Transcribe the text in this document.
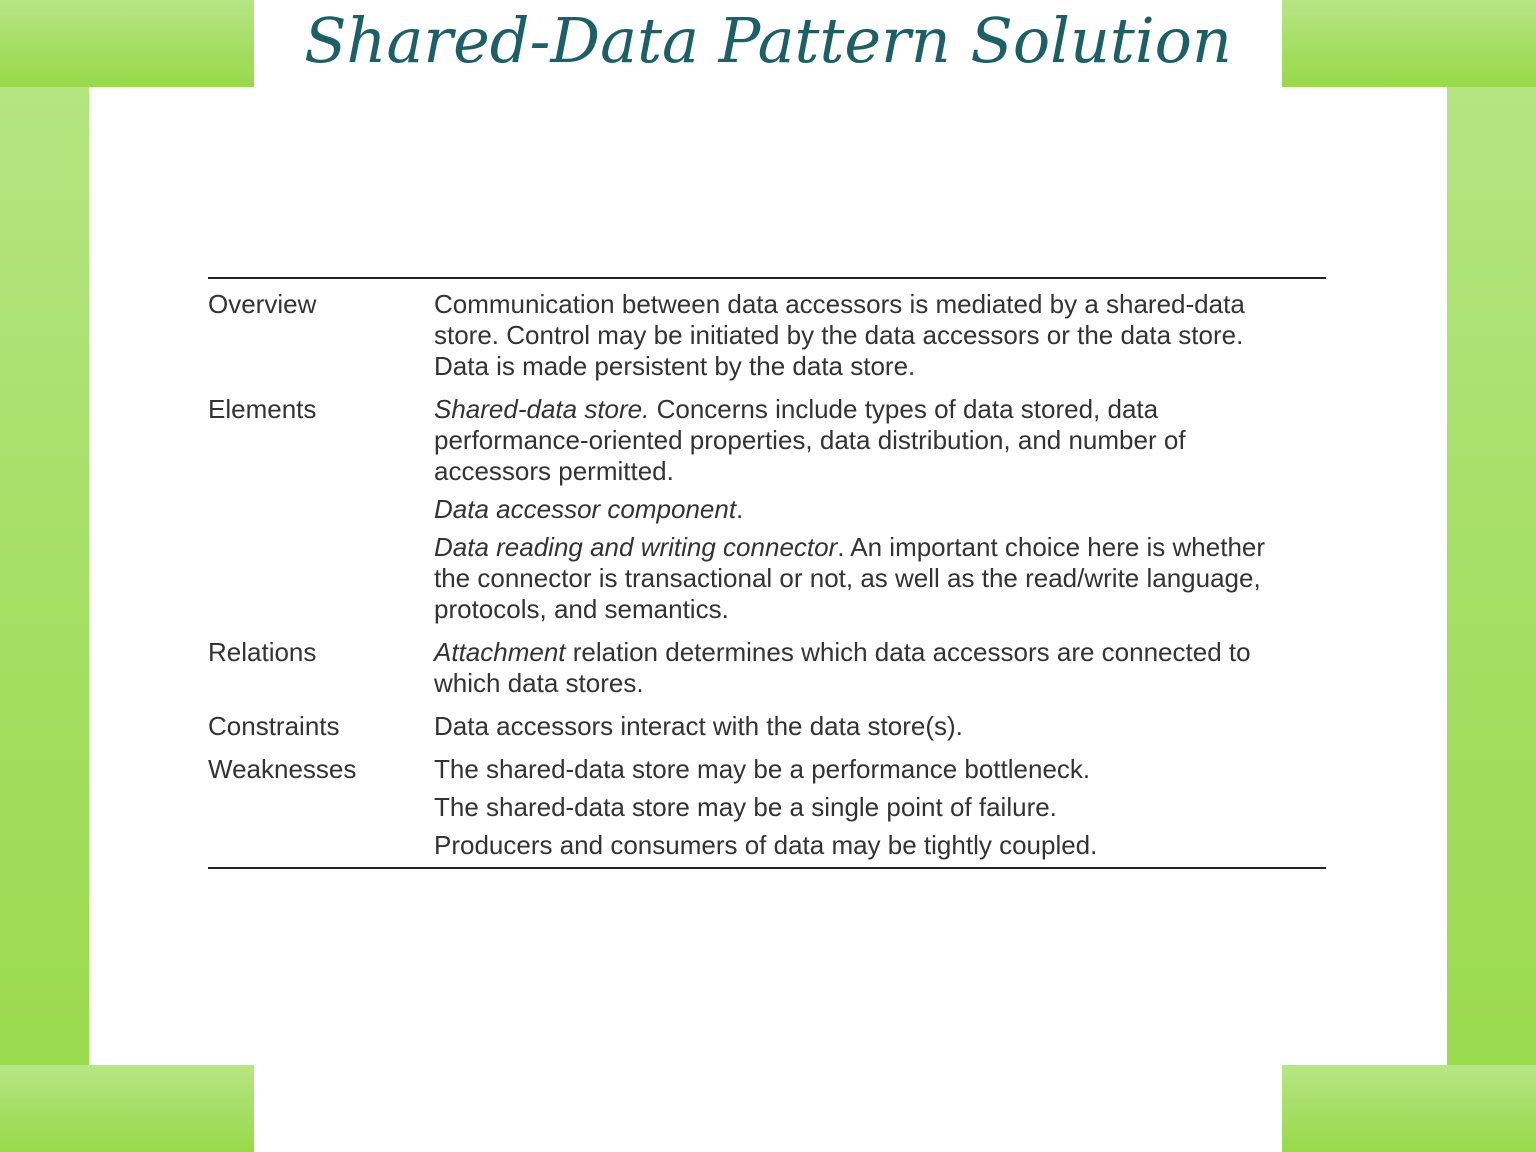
Shared-Data Pattern Solution
Overview	Communication between data accessors is mediated by a shared-data store. Control may be initiated by the data accessors or the data store. Data is made persistent by the data store.
Elements	Shared-data store. Concerns include types of data stored, data performance-oriented properties, data distribution, and number of accessors permitted.
Data accessor component.
Data reading and writing connector. An important choice here is whether the connector is transactional or not, as well as the read/write language, protocols, and semantics.
Relations	Attachment relation determines which data accessors are connected to which data stores.
Constraints	Data accessors interact with the data store(s).
Weaknesses	The shared-data store may be a performance bottleneck.
The shared-data store may be a single point of failure.
Producers and consumers of data may be tightly coupled.
